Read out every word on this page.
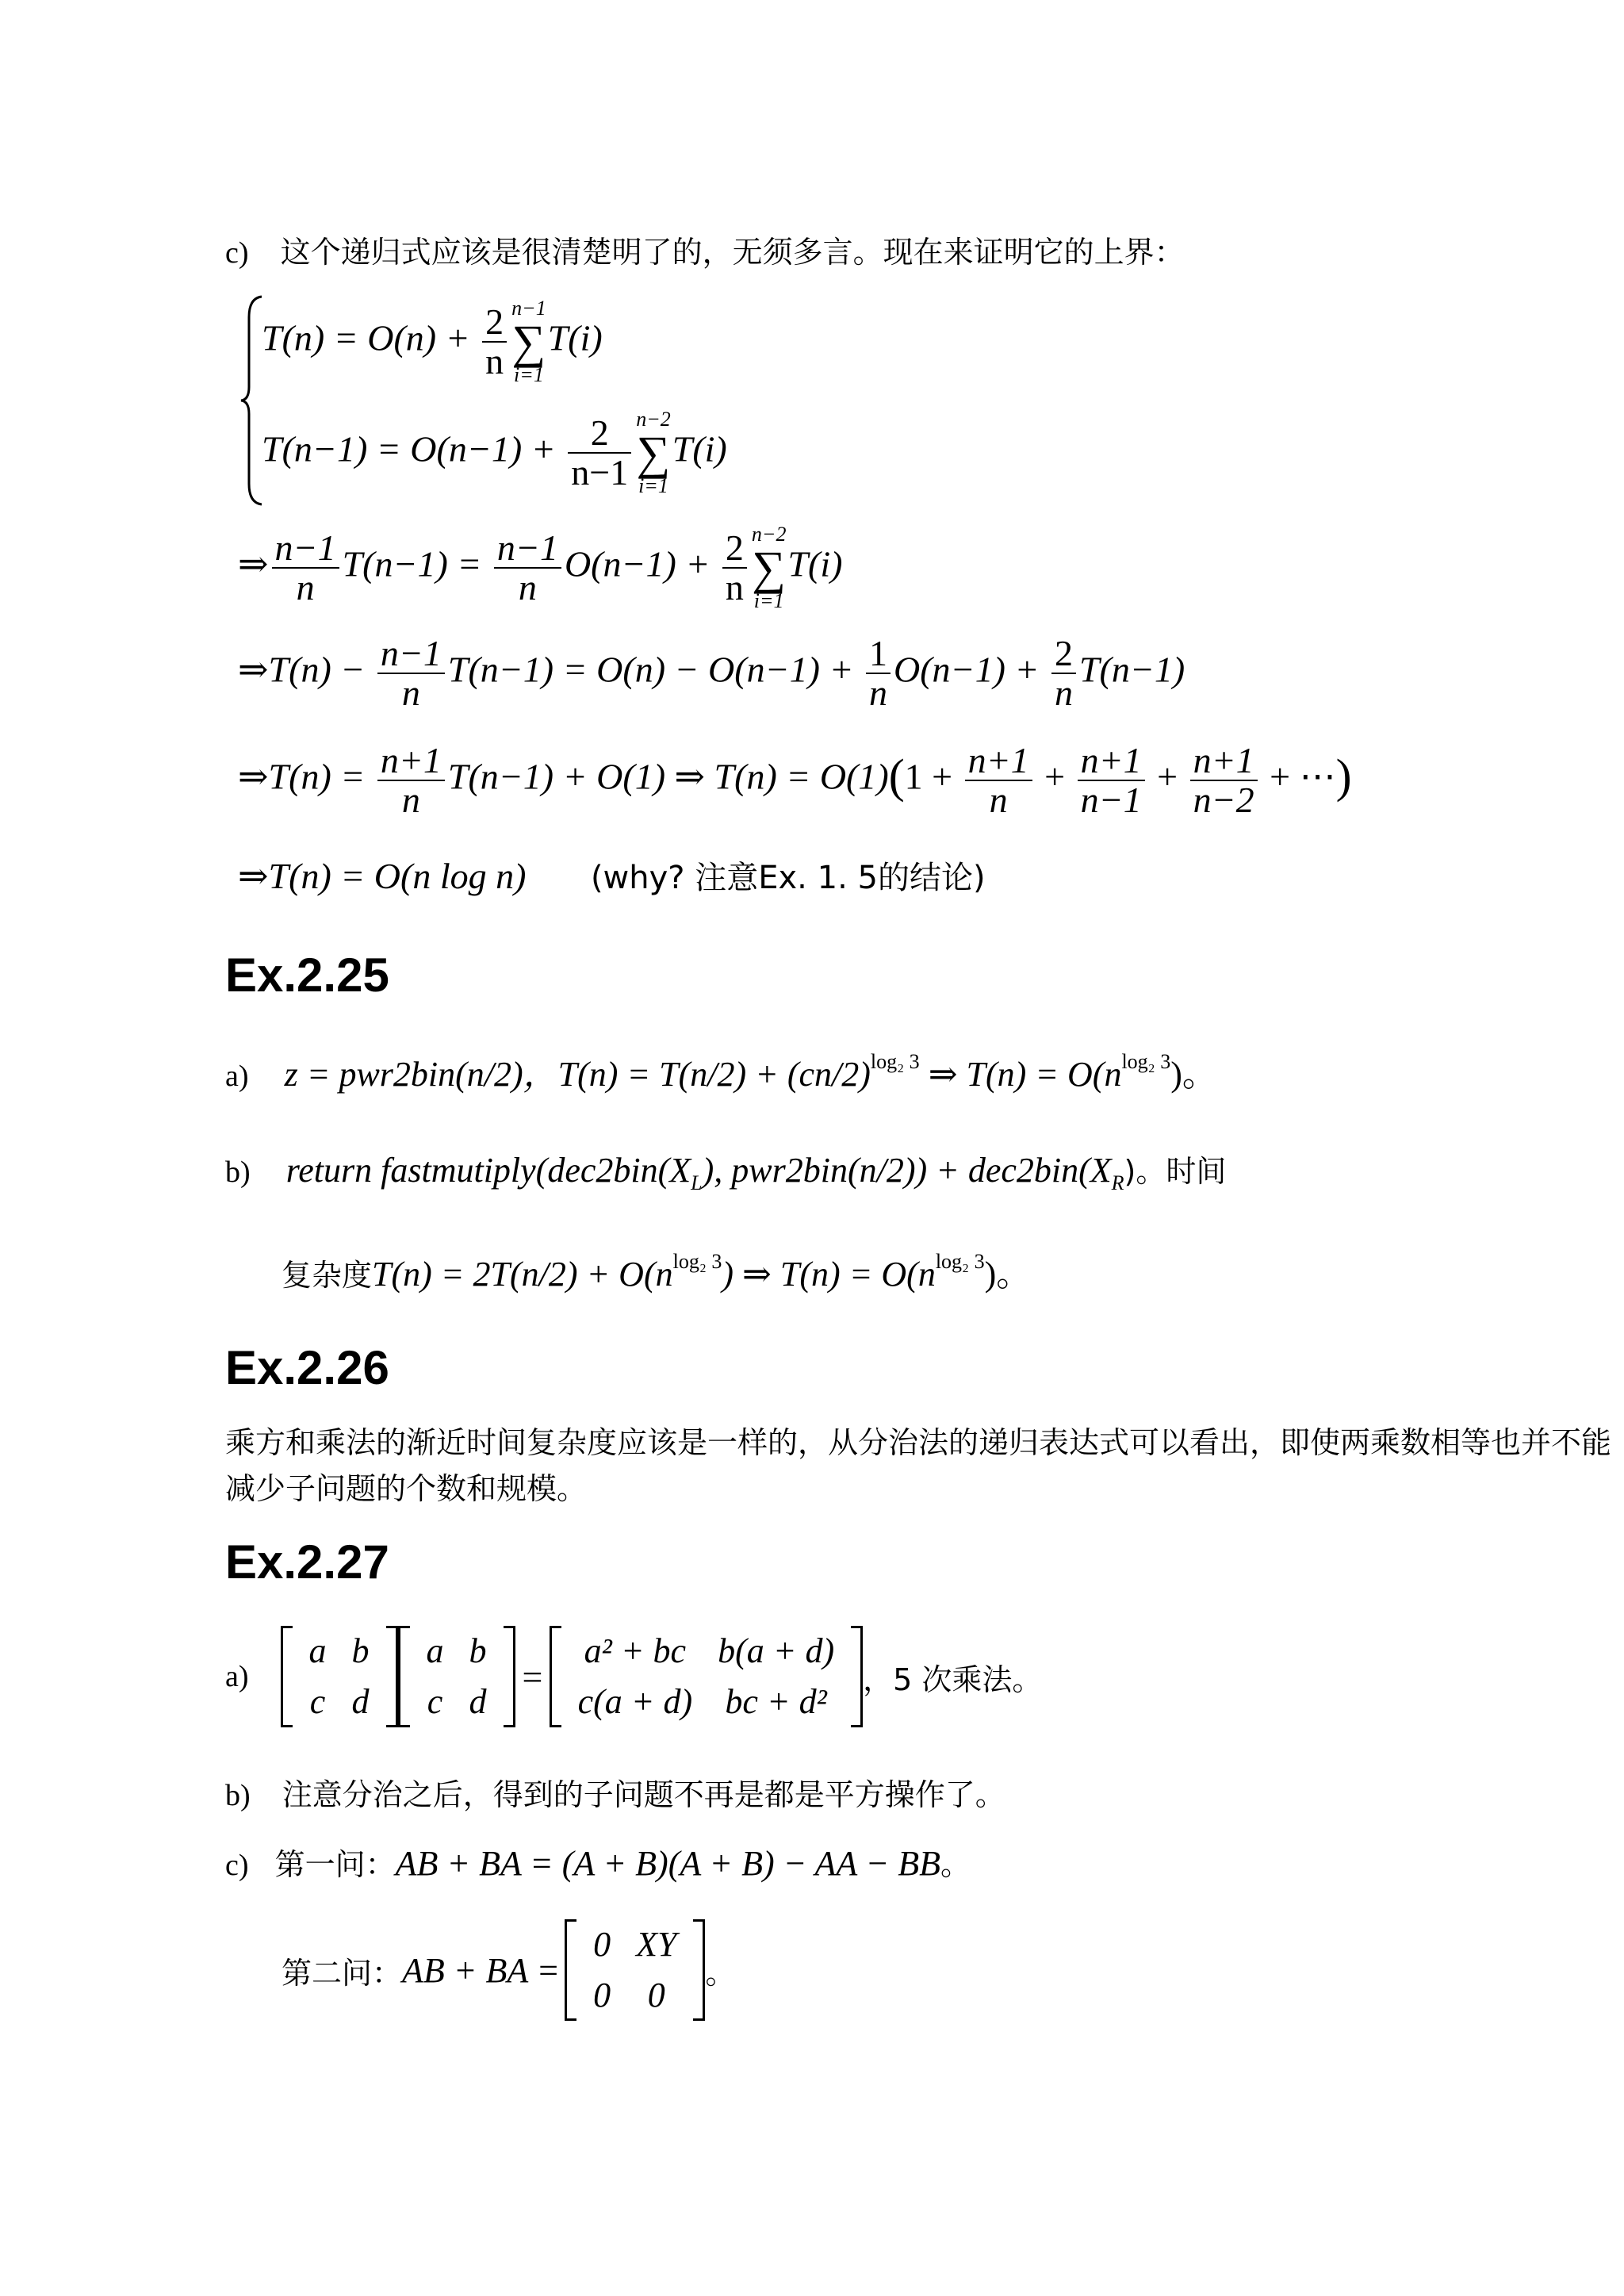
c) 这个递归式应该是很清楚明了的，无须多言。现在来证明它的上界：
$T(n) = O(n) + \frac{2}{n} n-1$
∑
i=1
T(i)
$T(n-1) = O(n-1) + \frac{2}{n-1} n-2$
∑
i=1
T(i)
⇒ $\frac{n-1}{n} T(n-1) = \frac{n-1}{n} O(n-1) + \frac{2}{n} n-2$
∑
i=1
T(i)
⇒T(n) − $\frac{n-1}{n} T(n-1) = O(n) - O(n-1) + \frac{1}{n} O(n-1) + \frac{2}{n} T(n-1)$
⇒T(n) = $\frac{n+1}{n} T(n-1) + O(1)$ ⇒ $T(n) = O(1)(1 + \frac{n+1}{n} + \frac{n+1}{n-1} + \frac{n+1}{n-2}$ + ⋯)
⇒T(n) = O(n log n) (why? 注意Ex. 1. 5的结论)
Ex.2.25
a) z = pwr2bin(n/2)，$T(n) = T(n/2) + (cn/2)^{log_2 3}$ ⇒ $T(n) = O(n^{log_2 3})$。
b) return $fastmutiply(dec2bin(X_L)$, $pwr2bin(n/2)) + dec2bin(X_R)$。时间
复杂度$T(n) = 2T(n/2) + O(n^{log_2 3})$ ⇒ $T(n) = O(n^{log_2 3})$。
Ex.2.26
乘方和乘法的渐近时间复杂度应该是一样的，从分治法的递归表达式可以看出，即使两乘数相等也并不能减少子问题的个数和规模。
Ex.2.27
a)
a	b
c	d
a	b
c	d
=
a² + bc	b(a + d)
c(a + d)	bc + d²
，5 次乘法。
b) 注意分治之后，得到的子问题不再是都是平方操作了。
c) 第一问：AB + BA = (A + B)(A + B) − AA − BB。
第二问： AB + BA =
0	XY
0	0
。
